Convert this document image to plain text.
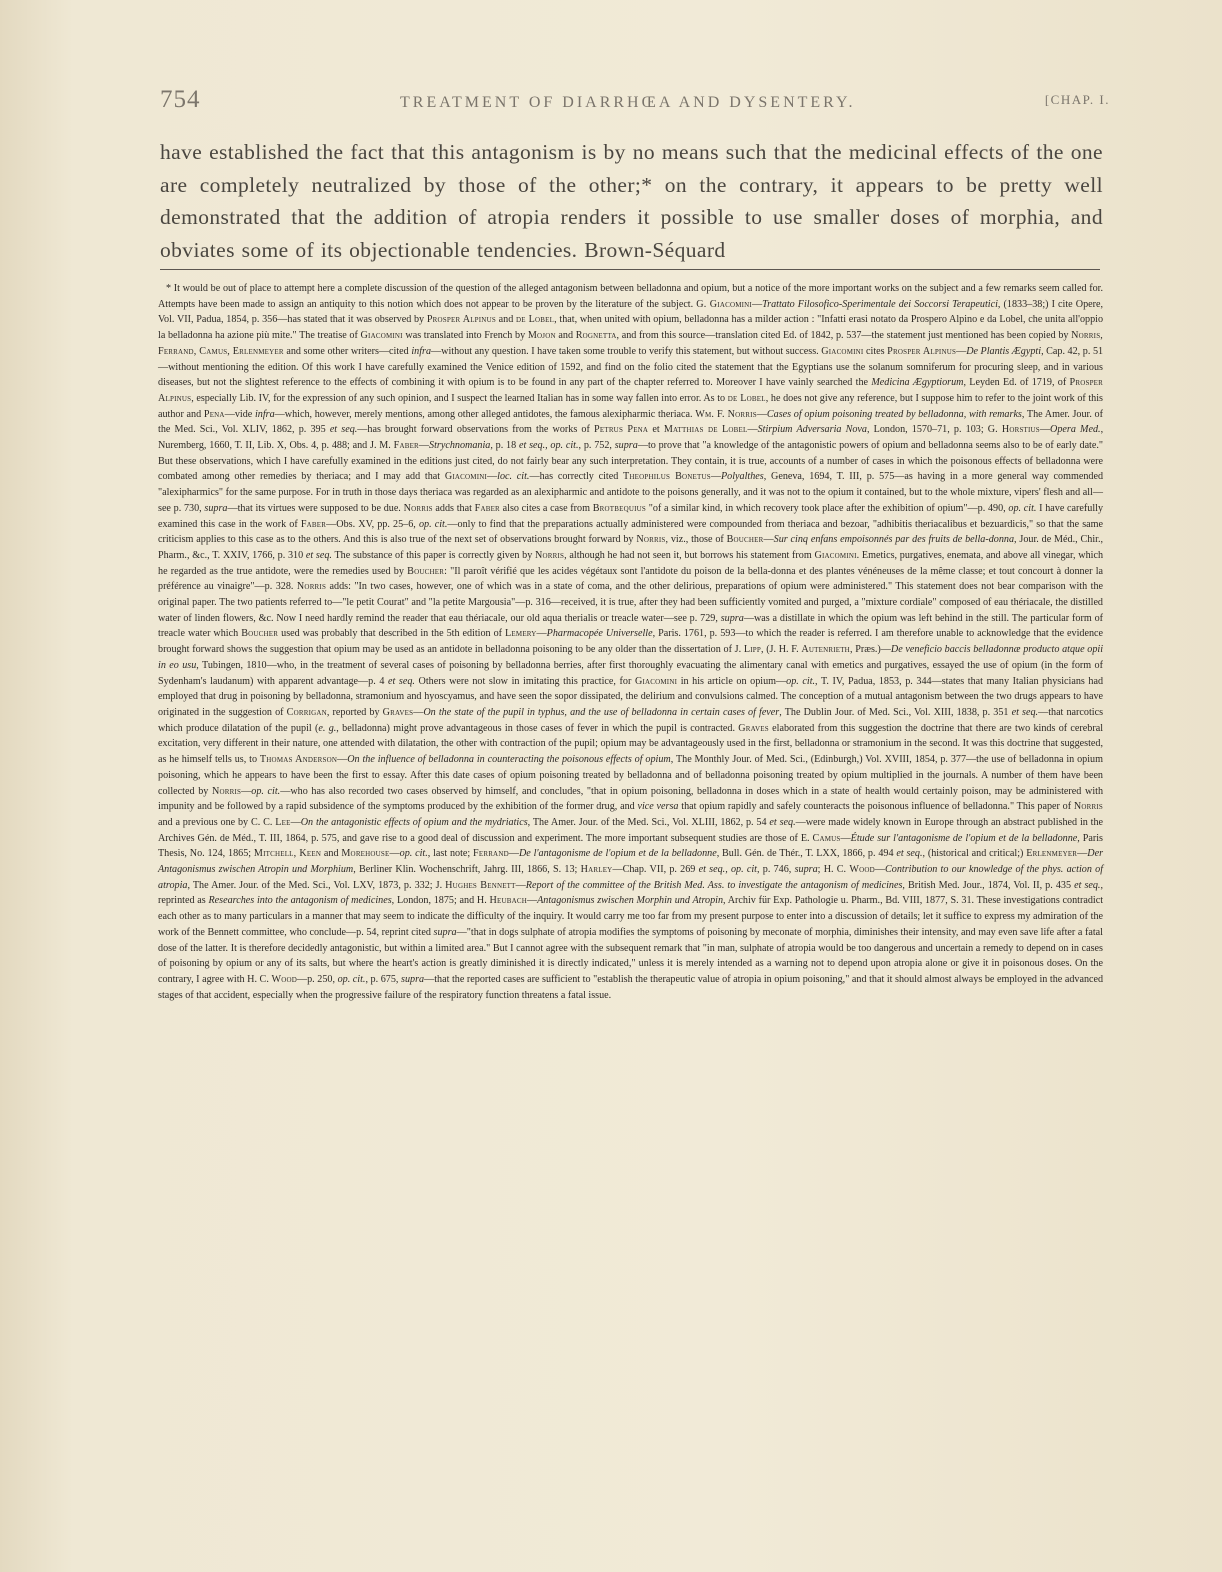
754	TREATMENT OF DIARRHŒA AND DYSENTERY.	[CHAP. I.
have established the fact that this antagonism is by no means such that the medicinal effects of the one are completely neutralized by those of the other;* on the contrary, it appears to be pretty well demonstrated that the addition of atropia renders it possible to use smaller doses of morphia, and obviates some of its objectionable tendencies. Brown-Séquard

* It would be out of place to attempt here a complete discussion of the question of the alleged antagonism between belladonna and opium, but a notice of the more important works on the subject and a few remarks seem called for. Attempts have been made to assign an antiquity to this notion which does not appear to be proven by the literature of the subject. G. Giacomini—Trattato Filosofico-Sperimentale dei Soccorsi Terapeutici, (1833–38;) I cite Opere, Vol. VII, Padua, 1854, p. 356—has stated that it was observed by Prosper Alpinus and de Lobel, that, when united with opium, belladonna has a milder action : "Infatti erasi notato da Prospero Alpino e da Lobel, che unita all'oppio la belladonna ha azione più mite." The treatise of Giacomini was translated into French by Mojon and Rognetta, and from this source—translation cited Ed. of 1842, p. 537—the statement just mentioned has been copied by Norris, Ferrand, Camus, Erlenmeyer and some other writers—cited infra—without any question. I have taken some trouble to verify this statement, but without success. Giacomini cites Prosper Alpinus—De Plantis Ægypti, Cap. 42, p. 51—without mentioning the edition. Of this work I have carefully examined the Venice edition of 1592, and find on the folio cited the statement that the Egyptians use the solanum somniferum for procuring sleep, and in various diseases, but not the slightest reference to the effects of combining it with opium is to be found in any part of the chapter referred to. Moreover I have vainly searched the Medicina Ægyptiorum, Leyden Ed. of 1719, of Prosper Alpinus, especially Lib. IV, for the expression of any such opinion, and I suspect the learned Italian has in some way fallen into error. As to de Lobel, he does not give any reference, but I suppose him to refer to the joint work of this author and Pena—vide infra—which, however, merely mentions, among other alleged antidotes, the famous alexipharmic theriaca. Wm. F. Norris—Cases of opium poisoning treated by belladonna, with remarks, The Amer. Jour. of the Med. Sci., Vol. XLIV, 1862, p. 395 et seq.—has brought forward observations from the works of Petrus Pena et Matthias de Lobel—Stirpium Adversaria Nova, London, 1570–71, p. 103; G. Horstius—Opera Med., Nuremberg, 1660, T. II, Lib. X, Obs. 4, p. 488; and J. M. Faber—Strychnomania, p. 18 et seq., op. cit., p. 752, supra—to prove that "a knowledge of the antagonistic powers of opium and belladonna seems also to be of early date." But these observations, which I have carefully examined in the editions just cited, do not fairly bear any such interpretation. They contain, it is true, accounts of a number of cases in which the poisonous effects of belladonna were combated among other remedies by theriaca; and I may add that Giacomini—loc. cit.—has correctly cited Theophilus Bonetus—Polyalthes, Geneva, 1694, T. III, p. 575—as having in a more general way commended "alexipharmics" for the same purpose. For in truth in those days theriaca was regarded as an alexipharmic and antidote to the poisons generally, and it was not to the opium it contained, but to the whole mixture, vipers' flesh and all—see p. 730, supra—that its virtues were supposed to be due. Norris adds that Faber also cites a case from Brotbequius "of a similar kind, in which recovery took place after the exhibition of opium"—p. 490, op. cit. I have carefully examined this case in the work of Faber—Obs. XV, pp. 25–6, op. cit.—only to find that the preparations actually administered were compounded from theriaca and bezoar, "adhibitis theriacalibus et bezuardicis," so that the same criticism applies to this case as to the others. And this is also true of the next set of observations brought forward by Norris, viz., those of Boucher—Sur cinq enfans empoisonnés par des fruits de bella-donna, Jour. de Méd., Chir., Pharm., &c., T. XXIV, 1766, p. 310 et seq. The substance of this paper is correctly given by Norris, although he had not seen it, but borrows his statement from Giacomini. Emetics, purgatives, enemata, and above all vinegar, which he regarded as the true antidote, were the remedies used by Boucher: "Il paroît vérifié que les acides végétaux sont l'antidote du poison de la bella-donna et des plantes vénéneuses de la même classe; et tout concourt à donner la préférence au vinaigre"—p. 328. Norris adds: "In two cases, however, one of which was in a state of coma, and the other delirious, preparations of opium were administered." This statement does not bear comparison with the original paper. The two patients referred to—"le petit Courat" and "la petite Margousia"—p. 316—received, it is true, after they had been sufficiently vomited and purged, a "mixture cordiale" composed of eau thériacale, the distilled water of linden flowers, &c. Now I need hardly remind the reader that eau thériacale, our old aqua therialis or treacle water—see p. 729, supra—was a distillate in which the opium was left behind in the still. The particular form of treacle water which Boucher used was probably that described in the 5th edition of Lemery—Pharmacopée Universelle, Paris. 1761, p. 593—to which the reader is referred. I am therefore unable to acknowledge that the evidence brought forward shows the suggestion that opium may be used as an antidote in belladonna poisoning to be any older than the dissertation of J. Lipp, (J. H. F. Autenrieth, Præs.)—De veneficio baccis belladonnæ producto atque opii in eo usu, Tubingen, 1810—who, in the treatment of several cases of poisoning by belladonna berries, after first thoroughly evacuating the alimentary canal with emetics and purgatives, essayed the use of opium (in the form of Sydenham's laudanum) with apparent advantage—p. 4 et seq. Others were not slow in imitating this practice, for Giacomini in his article on opium—op. cit., T. IV, Padua, 1853, p. 344—states that many Italian physicians had employed that drug in poisoning by belladonna, stramonium and hyoscyamus, and have seen the sopor dissipated, the delirium and convulsions calmed. The conception of a mutual antagonism between the two drugs appears to have originated in the suggestion of Corrigan, reported by Graves—On the state of the pupil in typhus, and the use of belladonna in certain cases of fever, The Dublin Jour. of Med. Sci., Vol. XIII, 1838, p. 351 et seq.—that narcotics which produce dilatation of the pupil (e. g., belladonna) might prove advantageous in those cases of fever in which the pupil is contracted. Graves elaborated from this suggestion the doctrine that there are two kinds of cerebral excitation, very different in their nature, one attended with dilatation, the other with contraction of the pupil; opium may be advantageously used in the first, belladonna or stramonium in the second. It was this doctrine that suggested, as he himself tells us, to Thomas Anderson—On the influence of belladonna in counteracting the poisonous effects of opium, The Monthly Jour. of Med. Sci., (Edinburgh,) Vol. XVIII, 1854, p. 377—the use of belladonna in opium poisoning, which he appears to have been the first to essay. After this date cases of opium poisoning treated by belladonna and of belladonna poisoning treated by opium multiplied in the journals. A number of them have been collected by Norris—op. cit.—who has also recorded two cases observed by himself, and concludes, "that in opium poisoning, belladonna in doses which in a state of health would certainly poison, may be administered with impunity and be followed by a rapid subsidence of the symptoms produced by the exhibition of the former drug, and vice versa that opium rapidly and safely counteracts the poisonous influence of belladonna." This paper of Norris and a previous one by C. C. Lee—On the antagonistic effects of opium and the mydriatics, The Amer. Jour. of the Med. Sci., Vol. XLIII, 1862, p. 54 et seq.—were made widely known in Europe through an abstract published in the Archives Gén. de Méd., T. III, 1864, p. 575, and gave rise to a good deal of discussion and experiment. The more important subsequent studies are those of E. Camus—Étude sur l'antagonisme de l'opium et de la belladonne, Paris Thesis, No. 124, 1865; Mitchell, Keen and Morehouse—op. cit., last note; Ferrand—De l'antagonisme de l'opium et de la belladonne, Bull. Gén. de Thér., T. LXX, 1866, p. 494 et seq., (historical and critical;) Erlenmeyer—Der Antagonismus zwischen Atropin und Morphium, Berliner Klin. Wochenschrift, Jahrg. III, 1866, S. 13; Harley—Chap. VII, p. 269 et seq., op. cit, p. 746, supra; H. C. Wood—Contribution to our knowledge of the phys. action of atropia, The Amer. Jour. of the Med. Sci., Vol. LXV, 1873, p. 332; J. Hughes Bennett—Report of the committee of the British Med. Ass. to investigate the antagonism of medicines, British Med. Jour., 1874, Vol. II, p. 435 et seq., reprinted as Researches into the antagonism of medicines, London, 1875; and H. Heubach—Antagonismus zwischen Morphin und Atropin, Archiv für Exp. Pathologie u. Pharm., Bd. VIII, 1877, S. 31. These investigations contradict each other as to many particulars in a manner that may seem to indicate the difficulty of the inquiry. It would carry me too far from my present purpose to enter into a discussion of details; let it suffice to express my admiration of the work of the Bennett committee, who conclude—p. 54, reprint cited supra—"that in dogs sulphate of atropia modifies the symptoms of poisoning by meconate of morphia, diminishes their intensity, and may even save life after a fatal dose of the latter. It is therefore decidedly antagonistic, but within a limited area." But I cannot agree with the subsequent remark that "in man, sulphate of atropia would be too dangerous and uncertain a remedy to depend on in cases of poisoning by opium or any of its salts, but where the heart's action is greatly diminished it is directly indicated," unless it is merely intended as a warning not to depend upon atropia alone or give it in poisonous doses. On the contrary, I agree with H. C. Wood—p. 250, op. cit., p. 675, supra—that the reported cases are sufficient to "establish the therapeutic value of atropia in opium poisoning," and that it should almost always be employed in the advanced stages of that accident, especially when the progressive failure of the respiratory function threatens a fatal issue.
